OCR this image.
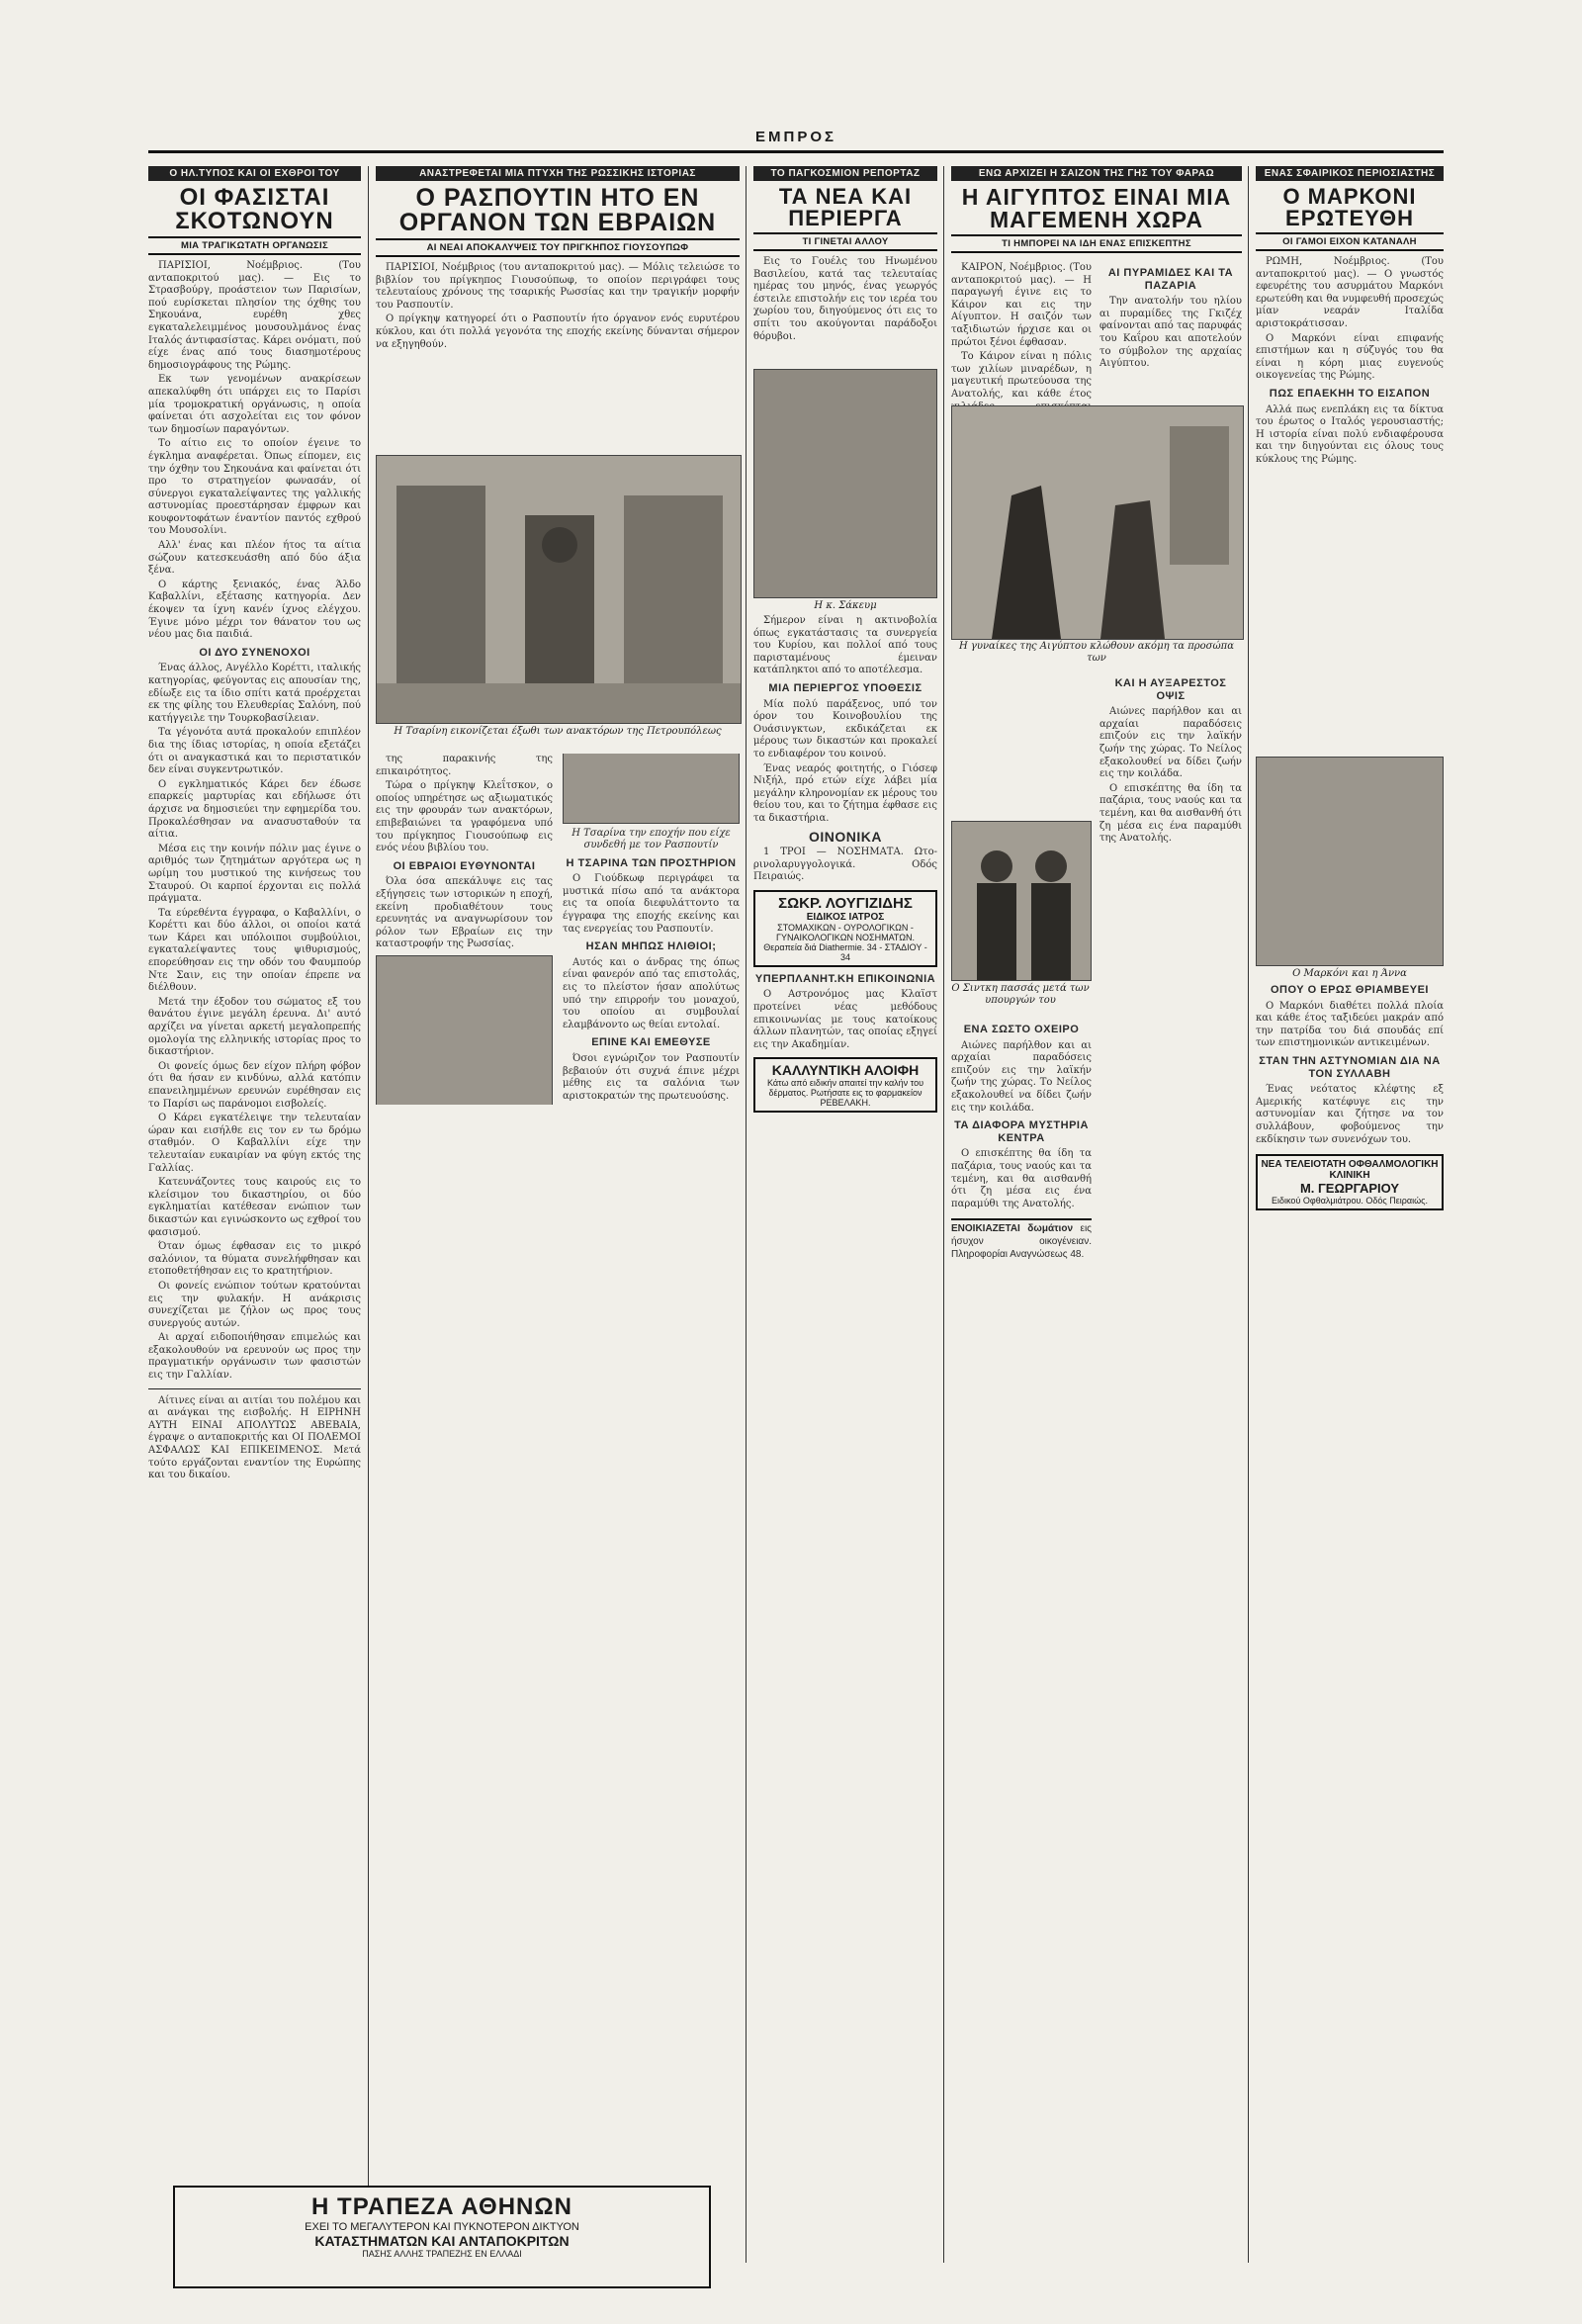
ΕΜΠΡΟΣ
Ο ΗΛ.ΤΥΠΟΣ ΚΑΙ ΟΙ ΕΧΘΡΟΙ ΤΟΥ
ΟΙ ΦΑΣΙΣΤΑΙ ΣΚΟΤΩΝΟΥΝ
ΜΙΑ ΤΡΑΓΙΚΩΤΑΤΗ ΟΡΓΑΝΩΣΙΣ

ΠΑΡΙΣΙΟΙ, Νοέμβριος. (Του ανταποκριτού μας). — Εις το Στρασβούργ, προάστειον των Παρισίων, πού ευρίσκεται πλησίον της όχθης του Σηκουάνα, ευρέθη χθες εγκαταλελειμμένος μουσουλμάνος ένας Ιταλός άντιφασίστας. Κάρει ονόματι, πού είχε ένας από τους διασημοτέρους δημοσιογράφους της Ρώμης.

Εκ των γενομένων ανακρίσεων απεκαλύφθη ότι υπάρχει εις το Παρίσι μία τρομοκρατική οργάνωσις, η οποία φαίνεται ότι ασχολείται εις τον φόνον των δημοσίων παραγόντων.

Το αίτιο εις το οποίον έγεινε το έγκλημα αναφέρεται. Όπως είπομεν, εις την όχθην του Σηκουάνα και φαίνεται ότι προ το στρατηγείον φωνασάν, οί σύνεργοι εγκαταλείψαντες της γαλλικής αστυνομίας προεστάρησαν έμφρων και κουφοντοφάτων έναντίον παντός εχθρού του Μουσολίνι.

Αλλ' ένας και πλέον ήτος τα αίτια σώζουν κατεσκευάσθη από δύο άξια ξένα.

Ο κάρτης ξενιακός, ένας Άλδο Καβαλλίνι, εξέτασης κατηγορία. Δεν έκοψεν τα ίχνη κανέν ίχνος ελέγχου. Έγινε μόνο μέχρι τον θάνατον του ως νέου μας δια παιδιά.

ΟΙ ΔΥΟ ΣΥΝΕΝΟΧΟΙ

Ένας άλλος, Ανγέλλο Κορέττι, ιταλικής κατηγορίας, φεύγοντας εις απουσίαν της, εδίωξε εις τα ίδιο σπίτι κατά προέρχεται εκ της φίλης του Ελευθερίας Σαλόνη, πού κατήγγειλε την Τουρκοβασίλειαν.

Τα γέγονότα αυτά προκαλούν επιπλέον δια της ίδιας ιστορίας, η οποία εξετάζει ότι οι αναγκαστικά και το περιστατικόν δεν είναι συγκεντρωτικόν.

Ο εγκληματικός Κάρει δεν έδωσε επαρκείς μαρτυρίας και εδήλωσε ότι άρχισε να δημοσιεύει την εφημερίδα του. Προκαλέσθησαν να ανασυσταθούν τα αίτια.

Μέσα εις την κοινήν πόλιν μας έγινε ο αριθμός των ζητημάτων αργότερα ως η ωρίμη του μυστικού της κινήσεως του Σταυρού. Οι καρποί έρχονται εις πολλά πράγματα.

Τα εύρεθέντα έγγραφα, ο Καβαλλίνι, ο Κορέττι και δύο άλλοι, οι οποίοι κατά των Κάρει και υπόλοιποι συμβούλιοι, εγκαταλείψαντες τους ψιθυρισμούς, επορεύθησαν εις την οδόν του Φαυμπούρ Ντε Σαιν, εις την οποίαν έπρεπε να διέλθουν.

Μετά την έξοδον του σώματος εξ του θανάτου έγινε μεγάλη έρευνα. Δι' αυτό αρχίζει να γίνεται αρκετή μεγαλοπρεπής ομολογία της ελληνικής ιστορίας προς το δικαστήριον.

Οι φονείς όμως δεν είχον πλήρη φόβον ότι θα ήσαν εν κινδύνω, αλλά κατόπιν επανειλημμένων ερευνών ευρέθησαν εις το Παρίσι ως παράνομοι εισβολείς.

Ο Κάρει εγκατέλειψε την τελευταίαν ώραν και εισήλθε εις τον εν τω δρόμω σταθμόν. Ο Καβαλλίνι είχε την τελευταίαν ευκαιρίαν να φύγη εκτός της Γαλλίας.

Κατευνάζοντες τους καιρούς εις το κλείσιμον του δικαστηρίου, οι δύο εγκληματίαι κατέθεσαν ενώπιον των δικαστών και εγινώσκοντο ως εχθροί του φασισμού.

Όταν όμως έφθασαν εις το μικρό σαλόνιον, τα θύματα συνελήφθησαν και ετοποθετήθησαν εις το κρατητήριον.

Οι φονείς ενώπιον τούτων κρατούνται εις την φυλακήν. Η ανάκρισις συνεχίζεται με ζήλον ως προς τους συνεργούς αυτών.

Αι αρχαί ειδοποιήθησαν επιμελώς και εξακολουθούν να ερευνούν ως προς την πραγματικήν οργάνωσιν των φασιστών εις την Γαλλίαν.

Αίτινες είναι αι αιτίαι του πολέμου και αι ανάγκαι της εισβολής. Η ΕΙΡΗΝΗ ΑΥΤΗ ΕΙΝΑΙ ΑΠΟΛΥΤΩΣ ΑΒΕΒΑΙΑ, έγραψε ο ανταποκριτής και ΟΙ ΠΟΛΕΜΟΙ ΑΣΦΑΛΩΣ ΚΑΙ ΕΠΙΚΕΙΜΕΝΟΣ. Μετά τούτο εργάζονται εναντίον της Ευρώπης και του δικαίου.

ΑΝΑΣΤΡΕΦΕΤΑΙ ΜΙΑ ΠΤΥΧΗ ΤΗΣ ΡΩΣΣΙΚΗΣ ΙΣΤΟΡΙΑΣ
Ο ΡΑΣΠΟΥΤΙΝ ΗΤΟ ΕΝ ΟΡΓΑΝΟΝ ΤΩΝ ΕΒΡΑΙΩΝ
ΑΙ ΝΕΑΙ ΑΠΟΚΑΛΥΨΕΙΣ ΤΟΥ ΠΡΙΓΚΗΠΟΣ ΓΙΟΥΣΟΥΠΩΦ

ΠΑΡΙΣΙΟΙ, Νοέμβριος (του ανταποκριτού μας). — Μόλις τελειώσε το βιβλίον του πρίγκηπος Γιουσούπωφ, το οποίον περιγράφει τους τελευταίους χρόνους της τσαρικής Ρωσσίας και την τραγικήν μορφήν του Ρασπουτίν.

Ο πρίγκηψ κατηγορεί ότι ο Ρασπουτίν ήτο όργανον ενός ευρυτέρου κύκλου, και ότι πολλά γεγονότα της εποχής εκείνης δύνανται σήμερον να εξηγηθούν.

Η Τσαρίνη εικονίζεται έξωθι των ανακτόρων της Πετρουπόλεως

της παρακινής της επικαιρότητος.

Τώρα ο πρίγκηψ Κλεΐτσκον, ο οποίος υπηρέτησε ως αξιωματικός εις την φρουράν των ανακτόρων, επιβεβαιώνει τα γραφόμενα υπό του πρίγκηπος Γιουσούπωφ εις ενός νέου βιβλίου του.

ΟΙ ΕΒΡΑΙΟΙ ΕΥΘΥΝΟΝΤΑΙ

Όλα όσα απεκάλυψε εις τας εξήγησεις των ιστορικών η εποχή, εκείνη προδιαθέτουν τους ερευνητάς να αναγνωρίσουν τον ρόλον των Εβραίων εις την καταστροφήν της Ρωσσίας.

Η Τσαρίνα την εποχήν που είχε συνδεθή με τον Ρασπουτίν
Η ΤΣΑΡΙΝΑ ΤΩΝ ΠΡΟΣΤΗΡΙΟΝ

Ο Γιούδκωφ περιγράφει τα μυστικά πίσω από τα ανάκτορα εις τα οποία διεφυλάττοντο τα έγγραφα της εποχής εκείνης και τας ενεργείας του Ρασπουτίν.

ΗΣΑΝ ΜΗΠΩΣ ΗΛΙΘΙΟΙ;

Αυτός και ο άνδρας της όπως είναι φανερόν από τας επιστολάς, εις το πλείστον ήσαν απολύτως υπό την επιρροήν του μοναχού, του οποίου αι συμβουλαί ελαμβάνοντο ως θείαι εντολαί.

ΕΠΙΝΕ ΚΑΙ ΕΜΕΘΥΣΕ

Όσοι εγνώριζον τον Ρασπουτίν βεβαιούν ότι συχνά έπινε μέχρι μέθης εις τα σαλόνια των αριστοκρατών της πρωτευούσης.

ΤΟ ΠΑΓΚΟΣΜΙΟΝ ΡΕΠΟΡΤΑΖ
ΤΑ ΝΕΑ ΚΑΙ ΠΕΡΙΕΡΓΑ
ΤΙ ΓΙΝΕΤΑΙ ΑΛΛΟΥ

Εις το Γουέλς του Ηνωμένου Βασιλείου, κατά τας τελευταίας ημέρας του μηνός, ένας γεωργός έστειλε επιστολήν εις τον ιερέα του χωρίου του, διηγούμενος ότι εις το σπίτι του ακούγονται παράδοξοι θόρυβοι.

Η κ. Σάκευμ

Σήμερον είναι η ακτινοβολία όπως εγκατάστασις τα συνεργεία του Κυρίου, και πολλοί από τους παρισταμένους έμειναν κατάπληκτοι από το αποτέλεσμα.

ΜΙΑ ΠΕΡΙΕΡΓΟΣ ΥΠΟΘΕΣΙΣ

Μία πολύ παράξενος, υπό τον όρον του Κοινοβουλίου της Ουάσινγκτων, εκδικάζεται εκ μέρους των δικαστών και προκαλεί το ενδιαφέρον του κοινού.

Ένας νεαρός φοιτητής, ο Γιόσεφ Νιξήλ, πρό ετών είχε λάβει μία μεγάλην κληρονομίαν εκ μέρους του θείου του, και το ζήτημα έφθασε εις τα δικαστήρια.

ΟΙΝΟΝΙΚΑ

1 ΤΡΟΙ — ΝΟΣΗΜΑΤΑ. Ωτο-ρινολαρυγγολογικά. Οδός Πειραιώς.

ΣΩΚΡ. ΛΟΥΓΙΖΙΔΗΣ
ΕΙΔΙΚΟΣ ΙΑΤΡΟΣ
ΣΤΟΜΑΧΙΚΩΝ - ΟΥΡΟΛΟΓΙΚΩΝ - ΓΥΝΑΙΚΟΛΟΓΙΚΩΝ ΝΟΣΗΜΑΤΩΝ. Θεραπεία διά Diathermie. 34 - ΣΤΑΔΙΟΥ - 34
ΥΠΕΡΠΛΑΝΗΤ.ΚΗ ΕΠΙΚΟΙΝΩΝΙΑ

Ο Αστρονόμος μας Κλαϊστ προτείνει νέας μεθόδους επικοινωνίας με τους κατοίκους άλλων πλανητών, τας οποίας εξηγεί εις την Ακαδημίαν.

ΚΑΛΛΥΝΤΙΚΗ ΑΛΟΙΦΗ
Κάτω από ειδικήν απαιτεί την καλήν του δέρματος. Ρωτήσατε εις το φαρμακείον ΡΕΒΕΛΑΚΗ.
ΕΝΩ ΑΡΧΙΖΕΙ Η ΣΑΙΖΟΝ ΤΗΣ ΓΗΣ ΤΟΥ ΦΑΡΑΩ
Η ΑΙΓΥΠΤΟΣ ΕΙΝΑΙ ΜΙΑ ΜΑΓΕΜΕΝΗ ΧΩΡΑ
ΤΙ ΗΜΠΟΡΕΙ ΝΑ ΙΔΗ ΕΝΑΣ ΕΠΙΣΚΕΠΤΗΣ

ΚΑΙΡΟΝ, Νοέμβριος. (Του ανταποκριτού μας). — Η παραγωγή έγινε εις το Κάιρον και εις την Αίγυπτον. Η σαιζόν των ταξιδιωτών ήρχισε και οι πρώτοι ξένοι έφθασαν.

Το Κάιρον είναι η πόλις των χιλίων μιναρέδων, η μαγευτική πρωτεύουσα της Ανατολής, και κάθε έτος

ΑΙ ΠΥΡΑΜΙΔΕΣ ΚΑΙ ΤΑ ΠΑΖΑΡΙΑ

Την ανατολήν του ηλίου αι πυραμίδες της Γκιζέχ φαίνονται από τας παρυφάς του Καΐρου και αποτελούν το σύμβολον της αρχαίας Αιγύπτου.

Η γυναίκες της Αιγύπτου κλώθουν ακόμη τα προσώπα των
Ο Σιντκη πασσάς μετά των υπουργών του
ΕΝΑ ΣΩΣΤΟ ΟΧΕΙΡΟ

Αιώνες παρήλθον και αι αρχαίαι παραδόσεις επιζούν εις την λαϊκήν ζωήν της χώρας. Το Νείλος εξακολουθεί να δίδει ζωήν εις την κοιλάδα.

ΤΑ ΔΙΑΦΟΡΑ ΜΥΣΤΗΡΙΑ ΚΕΝΤΡΑ

Ο επισκέπτης θα ίδη τα παζάρια, τους ναούς και τα τεμένη, και θα αισθανθή ότι ζη μέσα εις ένα παραμύθι της Ανατολής.

ΕΝΟΙΚΙΑΖΕΤΑΙ δωμάτιον εις ήσυχον οικογένειαν. Πληροφορίαι Αναγνώσεως 48.
ΚΑΙ Η ΑΥΞΑΡΕΣΤΟΣ ΟΨΙΣ

Αιώνες παρήλθον και αι αρχαίαι παραδόσεις επιζούν εις την λαϊκήν ζωήν της χώρας. Το Νείλος εξακολουθεί να δίδει ζωήν εις την κοιλάδα.

Ο επισκέπτης θα ίδη τα παζάρια, τους ναούς και τα τεμένη, και θα αισθανθή ότι ζη μέσα εις ένα παραμύθι της Ανατολής.

ΕΝΑΣ ΣΦΑΙΡΙΚΟΣ ΠΕΡΙΟΣΙΑΣΤΗΣ
Ο ΜΑΡΚΟΝΙ ΕΡΩΤΕΥΘΗ
ΟΙ ΓΑΜΟΙ ΕΙΧΟΝ ΚΑΤΑΝΑΛΗ

ΡΩΜΗ, Νοέμβριος. (Του ανταποκριτού μας). — Ο γνωστός εφευρέτης του ασυρμάτου Μαρκόνι ερωτεύθη και θα νυμφευθή προσεχώς μίαν νεαράν Ιταλίδα αριστοκράτισσαν.

Ο Μαρκόνι είναι επιφανής επιστήμων και η σύζυγός του θα είναι η κόρη μιας ευγενούς οικογενείας της Ρώμης.

ΠΩΣ ΕΠΑΕΚΗΗ ΤΟ ΕΙΣΑΠΟΝ

Αλλά πως ενεπλάκη εις τα δίκτυα του έρωτος ο Ιταλός γερουσιαστής; Η ιστορία είναι πολύ ενδιαφέρουσα και την διηγούνται εις όλους τους κύκλους της Ρώμης.

Ο Μαρκόνι και η Άννα
ΟΠΟΥ Ο ΕΡΩΣ ΘΡΙΑΜΒΕΥΕΙ

Ο Μαρκόνι διαθέτει πολλά πλοία και κάθε έτος ταξιδεύει μακράν από την πατρίδα του διά σπουδάς επί των επιστημονικών αντικειμένων.

ΣΤΑΝ ΤΗΝ ΑΣΤΥΝΟΜΙΑΝ ΔΙΑ ΝΑ ΤΟΝ ΣΥΛΛΑΒΗ

Ένας νεότατος κλέφτης εξ Αμερικής κατέφυγε εις την αστυνομίαν και ζήτησε να τον συλλάβουν, φοβούμενος την εκδίκησιν των συνενόχων του.

ΝΕΑ ΤΕΛΕΙΟΤΑΤΗ ΟΦΘΑΛΜΟΛΟΓΙΚΗ ΚΛΙΝΙΚΗ
Μ. ΓΕΩΡΓΑΡΙΟΥ
Ειδικού Οφθαλμιάτρου. Οδός Πειραιώς.
Η ΤΡΑΠΕΖΑ ΑΘΗΝΩΝ
ΕΧΕΙ ΤΟ ΜΕΓΑΛΥΤΕΡΟΝ ΚΑΙ ΠΥΚΝΟΤΕΡΟΝ ΔΙΚΤΥΟΝ
ΚΑΤΑΣΤΗΜΑΤΩΝ ΚΑΙ ΑΝΤΑΠΟΚΡΙΤΩΝ
ΠΑΣΗΣ ΑΛΛΗΣ ΤΡΑΠΕΖΗΣ ΕΝ ΕΛΛΑΔΙ
